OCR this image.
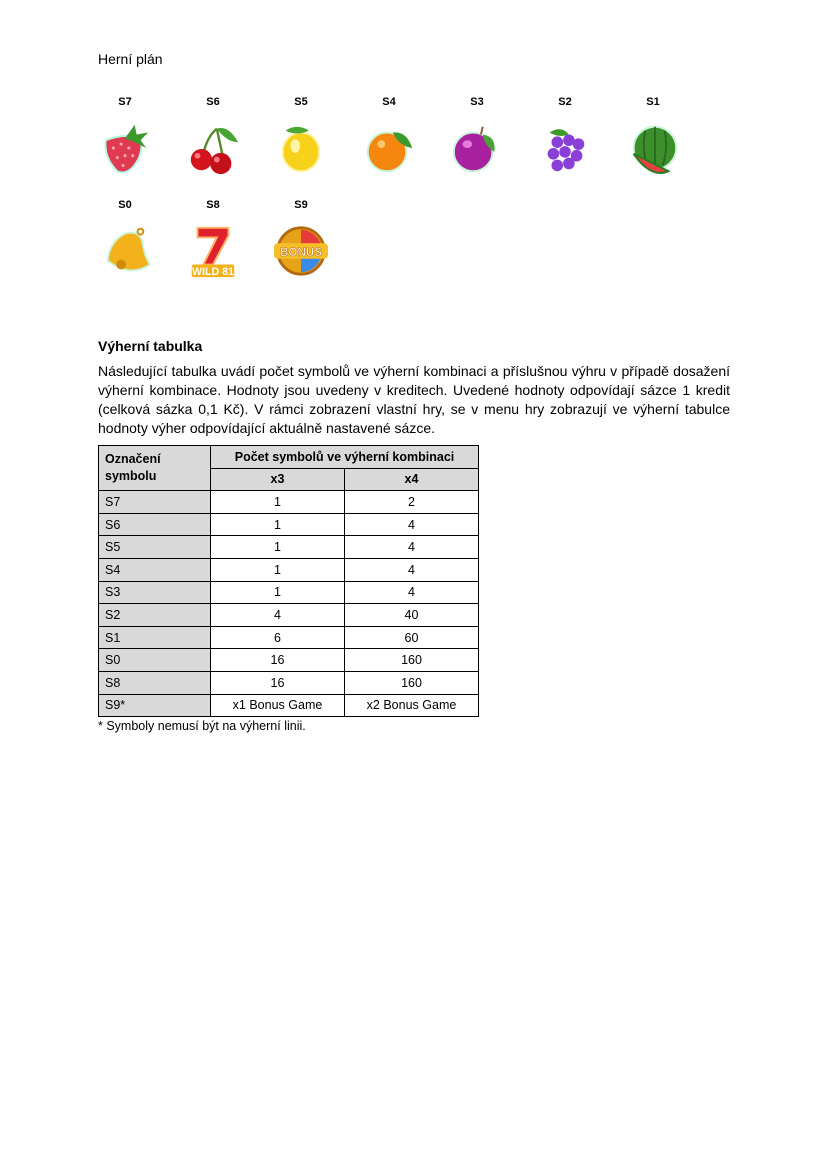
Herní plán
S7	S6	S5	S4	S3	S2	S1
S0	S8
WILD 81
S9
BONUS
Výherní tabulka
Následující tabulka uvádí počet symbolů ve výherní kombinaci a příslušnou výhru v případě dosažení výherní kombinace. Hodnoty jsou uvedeny v kreditech. Uvedené hodnoty odpovídají sázce 1 kredit (celková sázka 0,1 Kč). V rámci zobrazení vlastní hry, se v menu hry zobrazují ve výherní tabulce hodnoty výher odpovídající aktuálně nastavené sázce.
Označení symbolu	Počet symbolů ve výherní kombinaci	
	x3	x4
S7	1	2
S6	1	4
S5	1	4
S4	1	4
S3	1	4
S2	4	40
S1	6	60
S0	16	160
S8	16	160
S9*	x1 Bonus Game	x2 Bonus Game
* Symboly nemusí být na výherní linii.
